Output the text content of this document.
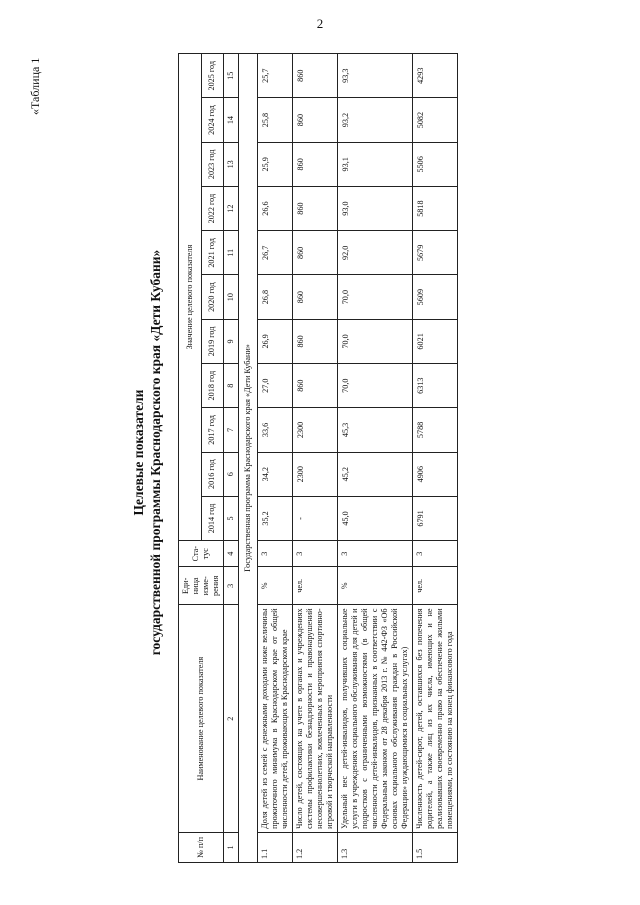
2
«Таблица 1
Целевые показатели государственной программы Краснодарского края «Дети Кубани»
№ п/п	Наименование целевого показателя	Еди-ница изме-рения	Ста-тус	Значение целевого показателя										
				2014 год	2016 год	2017 год	2018 год	2019 год	2020 год	2021 год	2022 год	2023 год	2024 год	2025 год
1	2	3	4	5	6	7	8	9	10	11	12	13	14	15
Государственная программа Краснодарского края «Дети Кубани»														
1.1	Доля детей из семей с денежными доходами ниже величины прожиточного минимума в Краснодарском крае от общей численности детей, проживающих в Краснодарском крае	%	3	35,2	34,2	33,6	27,0	26,9	26,8	26,7	26,6	25,9	25,8	25,7
1.2	Число детей, состоящих на учете в органах и учреждениях системы профилактики безнадзорности и правонарушений несовершеннолетних, вовлеченных в мероприятия спортивно-игровой и творческой направленности	чел.	3	-	2300	2300	860	860	860	860	860	860	860	860
1.3	Удельный вес детей-инвалидов, получивших социальные услуги в учреждениях социального обслуживания для детей и подростков с ограниченными возможностями (в общей численности детей-инвалидов, признанных в соответствии с Федеральным законом от 28 декабря 2013 г. № 442-ФЗ «Об основах социального обслуживания граждан в Российской Федерации» нуждающимися в социальных услугах)	%	3	45,0	45,2	45,3	70,0	70,0	70,0	92,0	93,0	93,1	93,2	93,3
1.5	Численность детей-сирот, детей, оставшихся без попечения родителей, а также лиц из их числа, имеющих и не реализовавших своевременно право на обеспечение жилыми помещениями, по состоянию на конец финансового года	чел.	3	6791	4906	5788	6313	6021	5609	5679	5818	5506	5082	4293
